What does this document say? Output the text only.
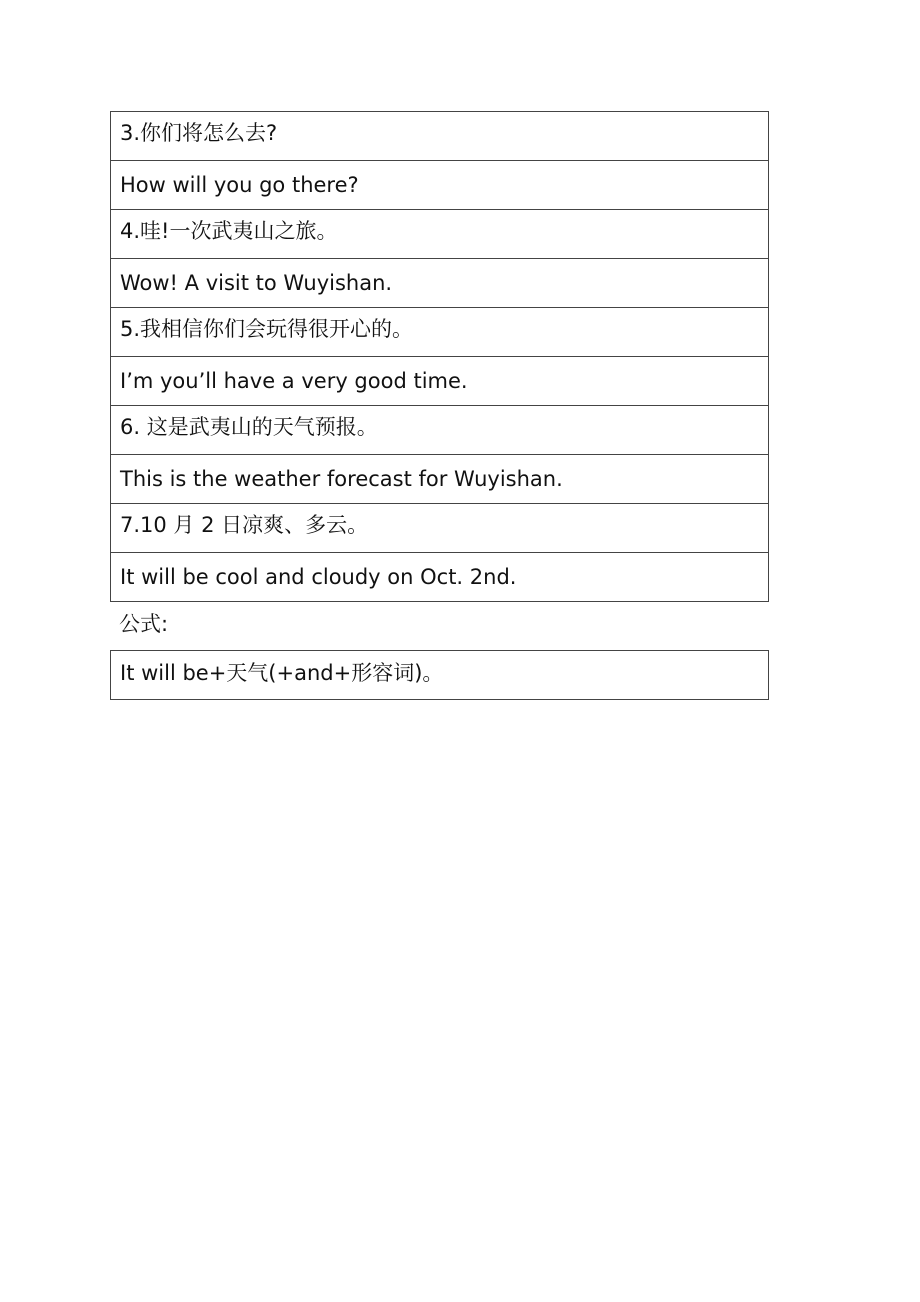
3.你们将怎么去?
How will you go there?
4.哇!一次武夷山之旅。
Wow! A visit to Wuyishan.
5.我相信你们会玩得很开心的。
I’m you’ll have a very good time.
6. 这是武夷山的天气预报。
This is the weather forecast for Wuyishan.
7.10 月 2 日凉爽、多云。
It will be cool and cloudy on Oct. 2nd.
公式:
It will be+天气(+and+形容词)。
